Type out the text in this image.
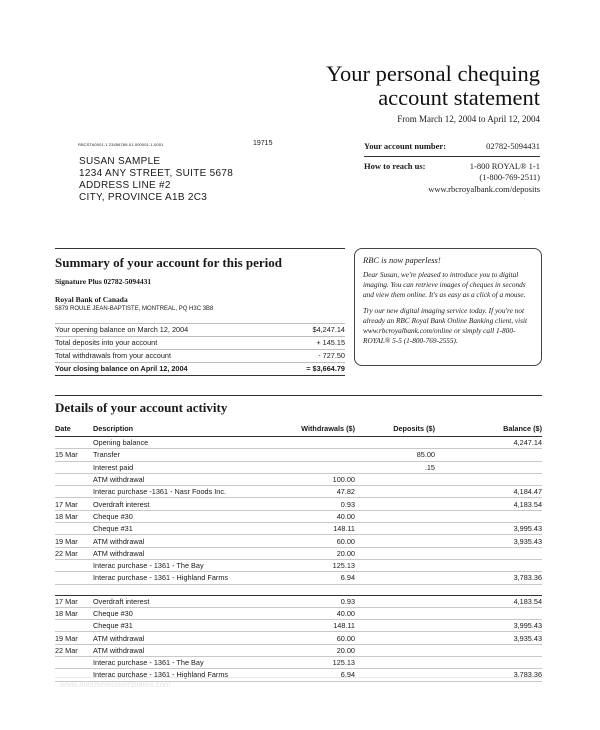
Your personal chequing
account statement
From March 12, 2004 to April 12, 2004
RBCSTA0001-1 23456789-01-000001-1-0001	19715
SUSAN SAMPLE
1234 ANY STREET, SUITE 5678
ADDRESS LINE #2
CITY, PROVINCE A1B 2C3
Your account number:	02782-5094431
How to reach us:	1-800 ROYAL® 1-1
(1-800-769-2511)
www.rbcroyalbank.com/deposits
Summary of your account for this period
Signature Plus 02782-5094431
Royal Bank of Canada
5879 ROULE JEAN-BAPTISTE, MONTREAL, PQ H3C 3B8
Your opening balance on March 12, 2004	$4,247.14
Total deposits into your account	+ 145.15
Total withdrawals from your account	- 727.50
Your closing balance on April 12, 2004	= $3,664.79
RBC is now paperless!

Dear Susan, we're pleased to introduce you to digital imaging. You can retrieve images of cheques in seconds and view them online. It's as easy as a click of a mouse.

Try our new digital imaging service today. If you're not already an RBC Royal Bank Online Banking client, visit www.rbcroyalbank.com/online or simply call 1-800-ROYAL® 5-5 (1-800-769-2555).

Details of your account activity
Date	Description	Withdrawals ($)	Deposits ($)	Balance ($)
	Opening balance			4,247.14
15 Mar	Transfer		85.00	
	Interest paid		.15	
	ATM withdrawal	100.00		
	Interac purchase -1361 - Nasr Foods Inc.	47.82		4,184.47
17 Mar	Overdraft interest	0.93		4,183.54
18 Mar	Cheque #30	40.00		
	Cheque #31	148.11		3,995.43
19 Mar	ATM withdrawal	60.00		3,935.43
22 Mar	ATM withdrawal	20.00		
	Interac purchase - 1361 - The Bay	125.13		
	Interac purchase - 1361 - Highland Farms	6.94		3,783.36

17 Mar	Overdraft interest	0.93		4,183.54
18 Mar	Cheque #30	40.00		
	Cheque #31	148.11		3,995.43
19 Mar	ATM withdrawal	60.00		3,935.43
22 Mar	ATM withdrawal	20.00		
	Interac purchase - 1361 - The Bay	125.13		
	Interac purchase - 1361 - Highland Farms	6.94		3,783.36
www.allbusinesstemplates.com
